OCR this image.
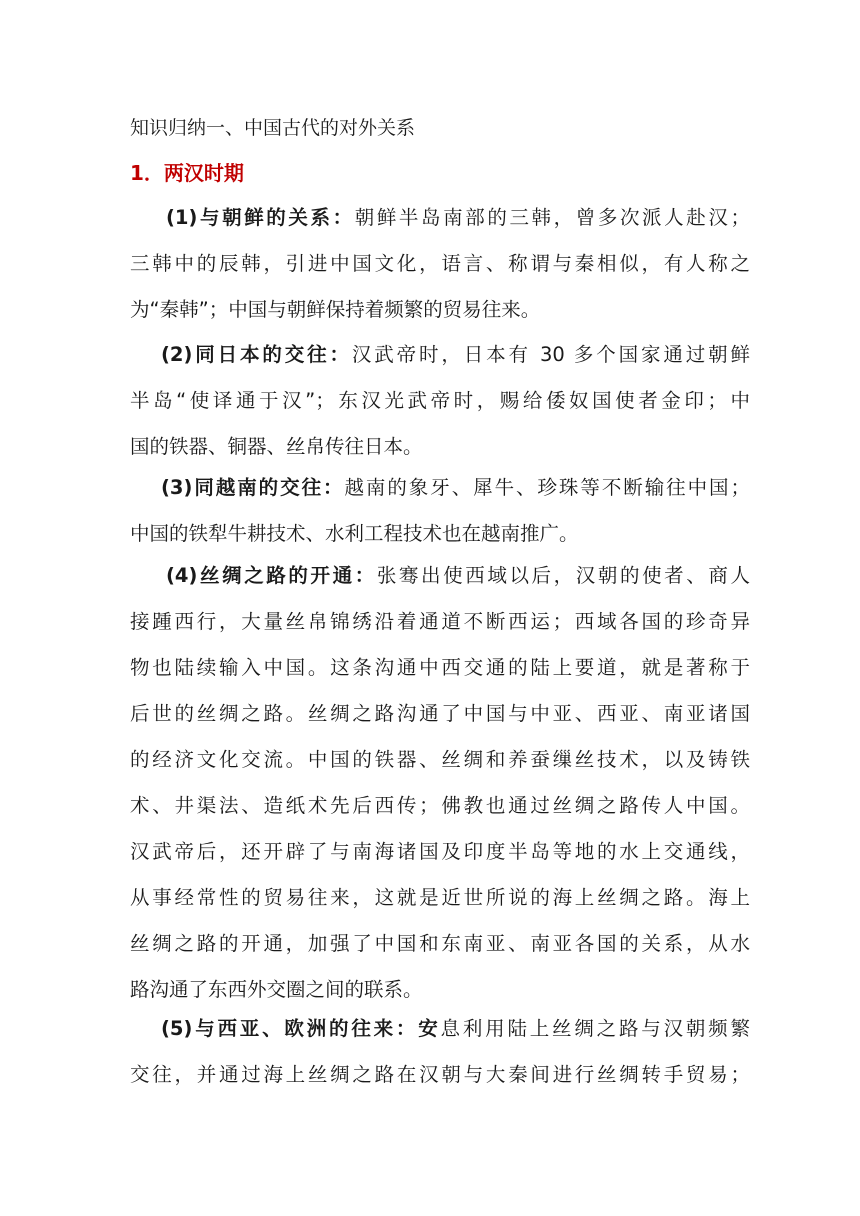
知识归纳一、中国古代的对外关系
1．两汉时期
(1)与朝鲜的关系：朝鲜半岛南部的三韩，曾多次派人赴汉；
三韩中的辰韩，引进中国文化，语言、称谓与秦相似，有人称之
为“秦韩”；中国与朝鲜保持着频繁的贸易往来。
(2)同日本的交往：汉武帝时，日本有 30 多个国家通过朝鲜
半岛“使译通于汉”；东汉光武帝时，赐给倭奴国使者金印；中
国的铁器、铜器、丝帛传往日本。
(3)同越南的交往：越南的象牙、犀牛、珍珠等不断输往中国；
中国的铁犁牛耕技术、水利工程技术也在越南推广。
(4)丝绸之路的开通：张骞出使西域以后，汉朝的使者、商人
接踵西行，大量丝帛锦绣沿着通道不断西运；西域各国的珍奇异
物也陆续输入中国。这条沟通中西交通的陆上要道，就是著称于
后世的丝绸之路。丝绸之路沟通了中国与中亚、西亚、南亚诸国
的经济文化交流。中国的铁器、丝绸和养蚕缫丝技术，以及铸铁
术、井渠法、造纸术先后西传；佛教也通过丝绸之路传人中国。
汉武帝后，还开辟了与南海诸国及印度半岛等地的水上交通线，
从事经常性的贸易往来，这就是近世所说的海上丝绸之路。海上
丝绸之路的开通，加强了中国和东南亚、南亚各国的关系，从水
路沟通了东西外交圈之间的联系。
(5)与西亚、欧洲的往来：安息利用陆上丝绸之路与汉朝频繁
交往，并通过海上丝绸之路在汉朝与大秦间进行丝绸转手贸易；
